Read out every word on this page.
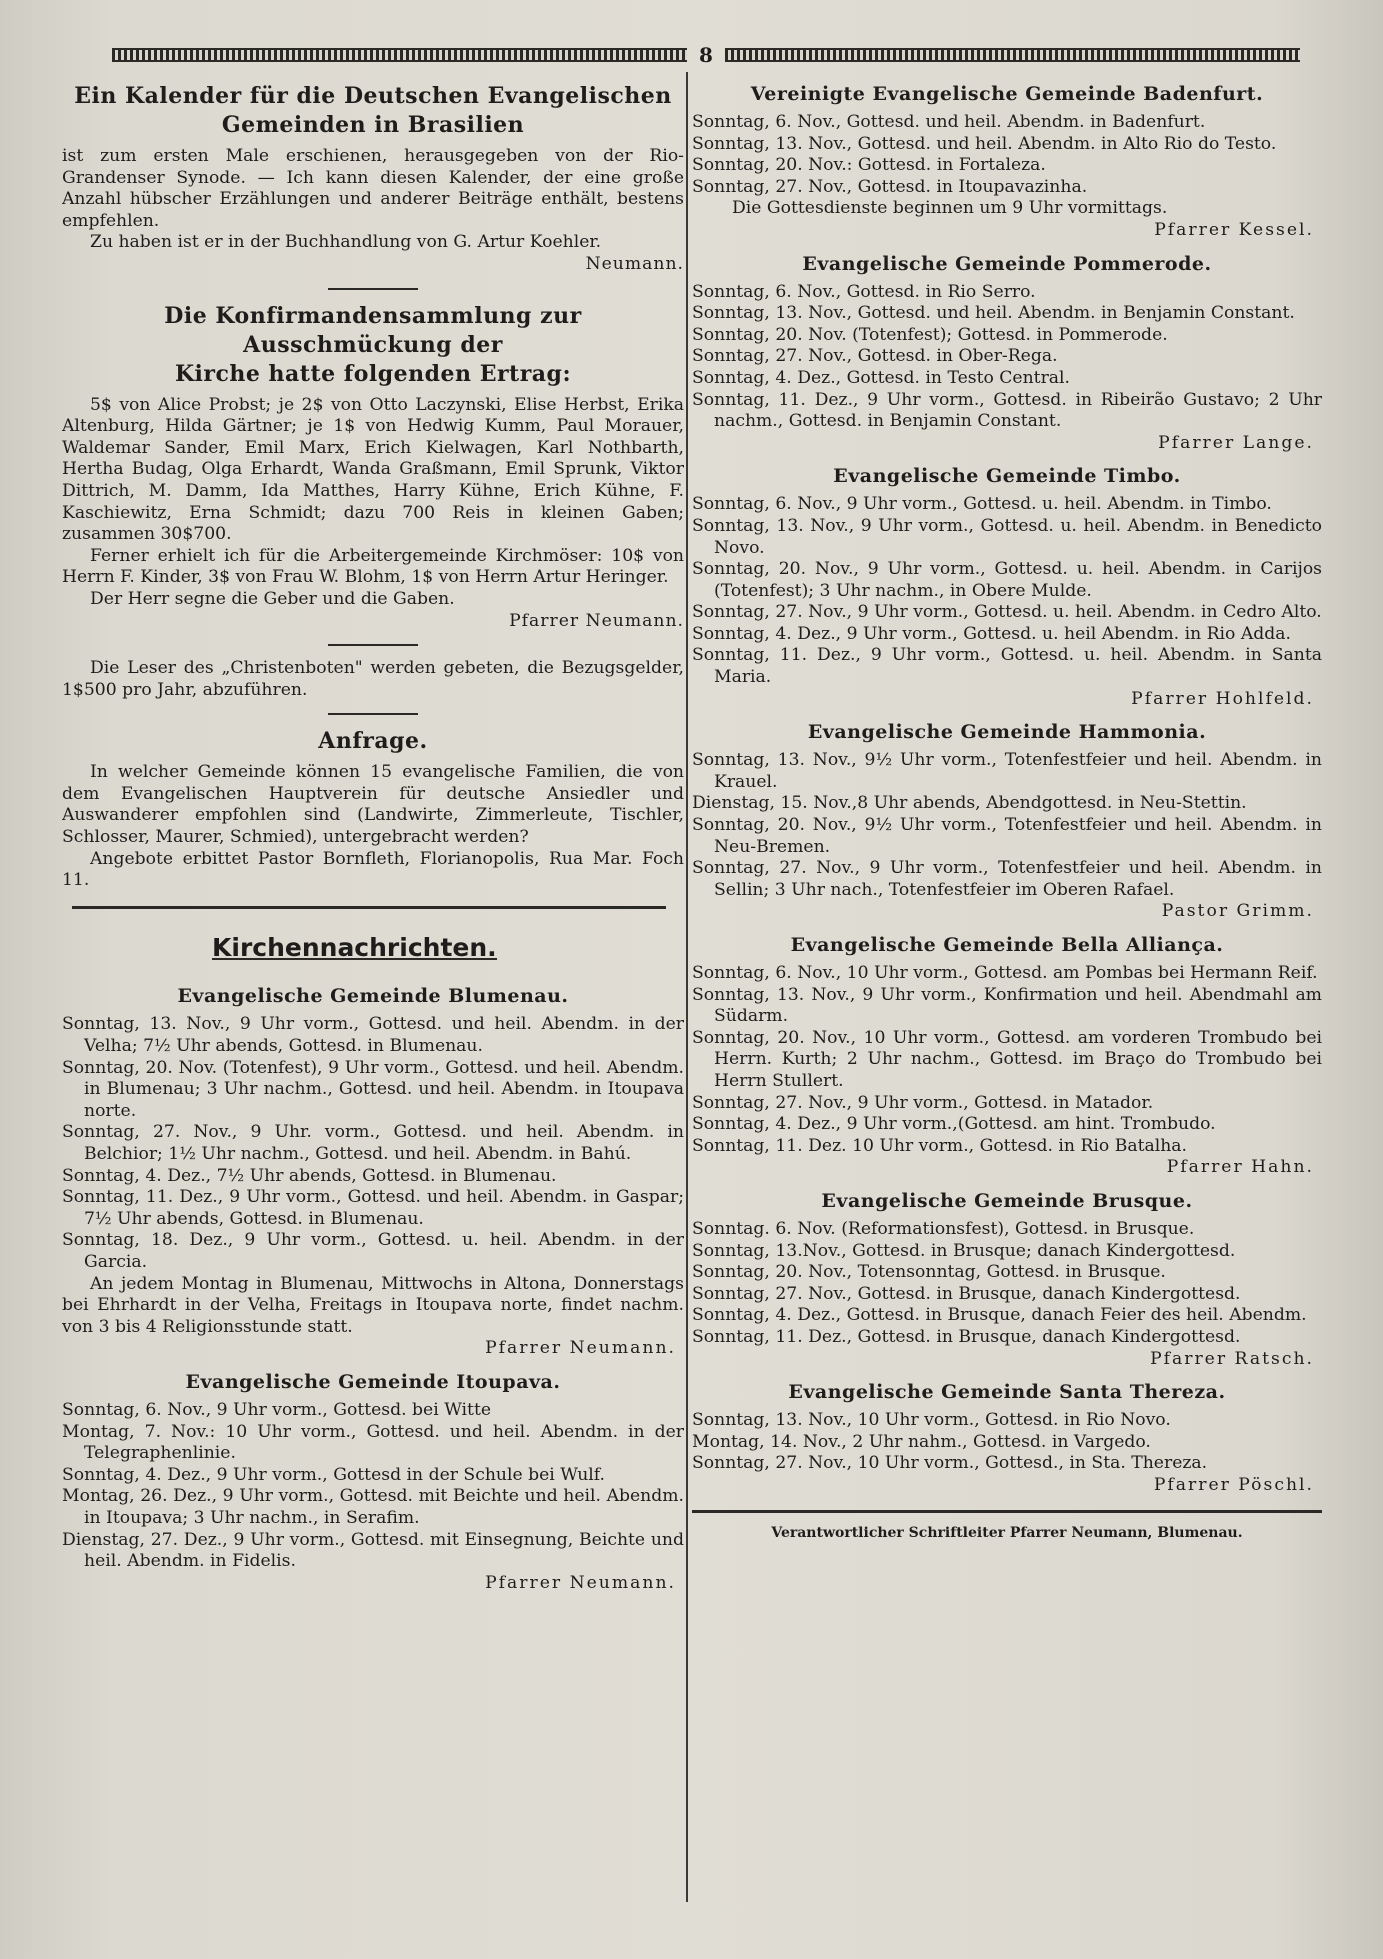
8
Ein Kalender für die Deutschen Evangelischen
Gemeinden in Brasilien

ist zum ersten Male erschienen, herausgegeben von der Rio-Grandenser Synode. — Ich kann diesen Kalender, der eine große Anzahl hübscher Erzählungen und anderer Beiträge enthält, bestens empfehlen.

Zu haben ist er in der Buchhandlung von G. Artur Koehler.

Neumann.

Die Konfirmandensammlung zur Ausschmückung der
Kirche hatte folgenden Ertrag:

5$ von Alice Probst; je 2$ von Otto Laczynski, Elise Herbst, Erika Altenburg, Hilda Gärtner; je 1$ von Hedwig Kumm, Paul Morauer, Waldemar Sander, Emil Marx, Erich Kielwagen, Karl Nothbarth, Hertha Budag, Olga Erhardt, Wanda Graßmann, Emil Sprunk, Viktor Dittrich, M. Damm, Ida Matthes, Harry Kühne, Erich Kühne, F. Kaschiewitz, Erna Schmidt; dazu 700 Reis in kleinen Gaben; zusammen 30$700.

Ferner erhielt ich für die Arbeitergemeinde Kirchmöser: 10$ von Herrn F. Kinder, 3$ von Frau W. Blohm, 1$ von Herrn Artur Heringer.

Der Herr segne die Geber und die Gaben.

Pfarrer Neumann.

Die Leser des „Christenboten" werden gebeten, die Bezugsgelder, 1$500 pro Jahr, abzuführen.

Anfrage.

In welcher Gemeinde können 15 evangelische Familien, die von dem Evangelischen Hauptverein für deutsche Ansiedler und Auswanderer empfohlen sind (Landwirte, Zimmerleute, Tischler, Schlosser, Maurer, Schmied), untergebracht werden?

Angebote erbittet Pastor Bornfleth, Florianopolis, Rua Mar. Foch 11.

Kirchennachrichten.
Evangelische Gemeinde Blumenau.

Sonntag, 13. Nov., 9 Uhr vorm., Gottesd. und heil. Abendm. in der Velha; 7½ Uhr abends, Gottesd. in Blumenau.

Sonntag, 20. Nov. (Totenfest), 9 Uhr vorm., Gottesd. und heil. Abendm. in Blumenau; 3 Uhr nachm., Gottesd. und heil. Abendm. in Itoupava norte.

Sonntag, 27. Nov., 9 Uhr. vorm., Gottesd. und heil. Abendm. in Belchior; 1½ Uhr nachm., Gottesd. und heil. Abendm. in Bahú.

Sonntag, 4. Dez., 7½ Uhr abends, Gottesd. in Blumenau.

Sonntag, 11. Dez., 9 Uhr vorm., Gottesd. und heil. Abendm. in Gaspar; 7½ Uhr abends, Gottesd. in Blumenau.

Sonntag, 18. Dez., 9 Uhr vorm., Gottesd. u. heil. Abendm. in der Garcia.

An jedem Montag in Blumenau, Mittwochs in Altona, Donnerstags bei Ehrhardt in der Velha, Freitags in Itoupava norte, findet nachm. von 3 bis 4 Religionsstunde statt.

Pfarrer Neumann.

Evangelische Gemeinde Itoupava.

Sonntag, 6. Nov., 9 Uhr vorm., Gottesd. bei Witte

Montag, 7. Nov.: 10 Uhr vorm., Gottesd. und heil. Abendm. in der Telegraphenlinie.

Sonntag, 4. Dez., 9 Uhr vorm., Gottesd in der Schule bei Wulf.

Montag, 26. Dez., 9 Uhr vorm., Gottesd. mit Beichte und heil. Abendm. in Itoupava; 3 Uhr nachm., in Serafim.

Dienstag, 27. Dez., 9 Uhr vorm., Gottesd. mit Einsegnung, Beichte und heil. Abendm. in Fidelis.

Pfarrer Neumann.

Vereinigte Evangelische Gemeinde Badenfurt.

Sonntag, 6. Nov., Gottesd. und heil. Abendm. in Badenfurt.

Sonntag, 13. Nov., Gottesd. und heil. Abendm. in Alto Rio do Testo.

Sonntag, 20. Nov.: Gottesd. in Fortaleza.

Sonntag, 27. Nov., Gottesd. in Itoupavazinha.

Die Gottesdienste beginnen um 9 Uhr vormittags.

Pfarrer Kessel.

Evangelische Gemeinde Pommerode.

Sonntag, 6. Nov., Gottesd. in Rio Serro.

Sonntag, 13. Nov., Gottesd. und heil. Abendm. in Benjamin Constant.

Sonntag, 20. Nov. (Totenfest); Gottesd. in Pommerode.

Sonntag, 27. Nov., Gottesd. in Ober-Rega.

Sonntag, 4. Dez., Gottesd. in Testo Central.

Sonntag, 11. Dez., 9 Uhr vorm., Gottesd. in Ribeirão Gustavo; 2 Uhr nachm., Gottesd. in Benjamin Constant.

Pfarrer Lange.

Evangelische Gemeinde Timbo.

Sonntag, 6. Nov., 9 Uhr vorm., Gottesd. u. heil. Abendm. in Timbo.

Sonntag, 13. Nov., 9 Uhr vorm., Gottesd. u. heil. Abendm. in Benedicto Novo.

Sonntag, 20. Nov., 9 Uhr vorm., Gottesd. u. heil. Abendm. in Carijos (Totenfest); 3 Uhr nachm., in Obere Mulde.

Sonntag, 27. Nov., 9 Uhr vorm., Gottesd. u. heil. Abendm. in Cedro Alto.

Sonntag, 4. Dez., 9 Uhr vorm., Gottesd. u. heil Abendm. in Rio Adda.

Sonntag, 11. Dez., 9 Uhr vorm., Gottesd. u. heil. Abendm. in Santa Maria.

Pfarrer Hohlfeld.

Evangelische Gemeinde Hammonia.

Sonntag, 13. Nov., 9½ Uhr vorm., Totenfestfeier und heil. Abendm. in Krauel.

Dienstag, 15. Nov.,8 Uhr abends, Abendgottesd. in Neu-Stettin.

Sonntag, 20. Nov., 9½ Uhr vorm., Totenfestfeier und heil. Abendm. in Neu-Bremen.

Sonntag, 27. Nov., 9 Uhr vorm., Totenfestfeier und heil. Abendm. in Sellin; 3 Uhr nach., Totenfestfeier im Oberen Rafael.

Pastor Grimm.

Evangelische Gemeinde Bella Alliança.

Sonntag, 6. Nov., 10 Uhr vorm., Gottesd. am Pombas bei Hermann Reif.

Sonntag, 13. Nov., 9 Uhr vorm., Konfirmation und heil. Abendmahl am Südarm.

Sonntag, 20. Nov., 10 Uhr vorm., Gottesd. am vorderen Trombudo bei Herrn. Kurth; 2 Uhr nachm., Gottesd. im Braço do Trombudo bei Herrn Stullert.

Sonntag, 27. Nov., 9 Uhr vorm., Gottesd. in Matador.

Sonntag, 4. Dez., 9 Uhr vorm.,(Gottesd. am hint. Trombudo.

Sonntag, 11. Dez. 10 Uhr vorm., Gottesd. in Rio Batalha.

Pfarrer Hahn.

Evangelische Gemeinde Brusque.

Sonntag. 6. Nov. (Reformationsfest), Gottesd. in Brusque.

Sonntag, 13.Nov., Gottesd. in Brusque; danach Kindergottesd.

Sonntag, 20. Nov., Totensonntag, Gottesd. in Brusque.

Sonntag, 27. Nov., Gottesd. in Brusque, danach Kindergottesd.

Sonntag, 4. Dez., Gottesd. in Brusque, danach Feier des heil. Abendm.

Sonntag, 11. Dez., Gottesd. in Brusque, danach Kindergottesd.

Pfarrer Ratsch.

Evangelische Gemeinde Santa Thereza.

Sonntag, 13. Nov., 10 Uhr vorm., Gottesd. in Rio Novo.

Montag, 14. Nov., 2 Uhr nahm., Gottesd. in Vargedo.

Sonntag, 27. Nov., 10 Uhr vorm., Gottesd., in Sta. Thereza.

Pfarrer Pöschl.

Verantwortlicher Schriftleiter Pfarrer Neumann, Blumenau.
